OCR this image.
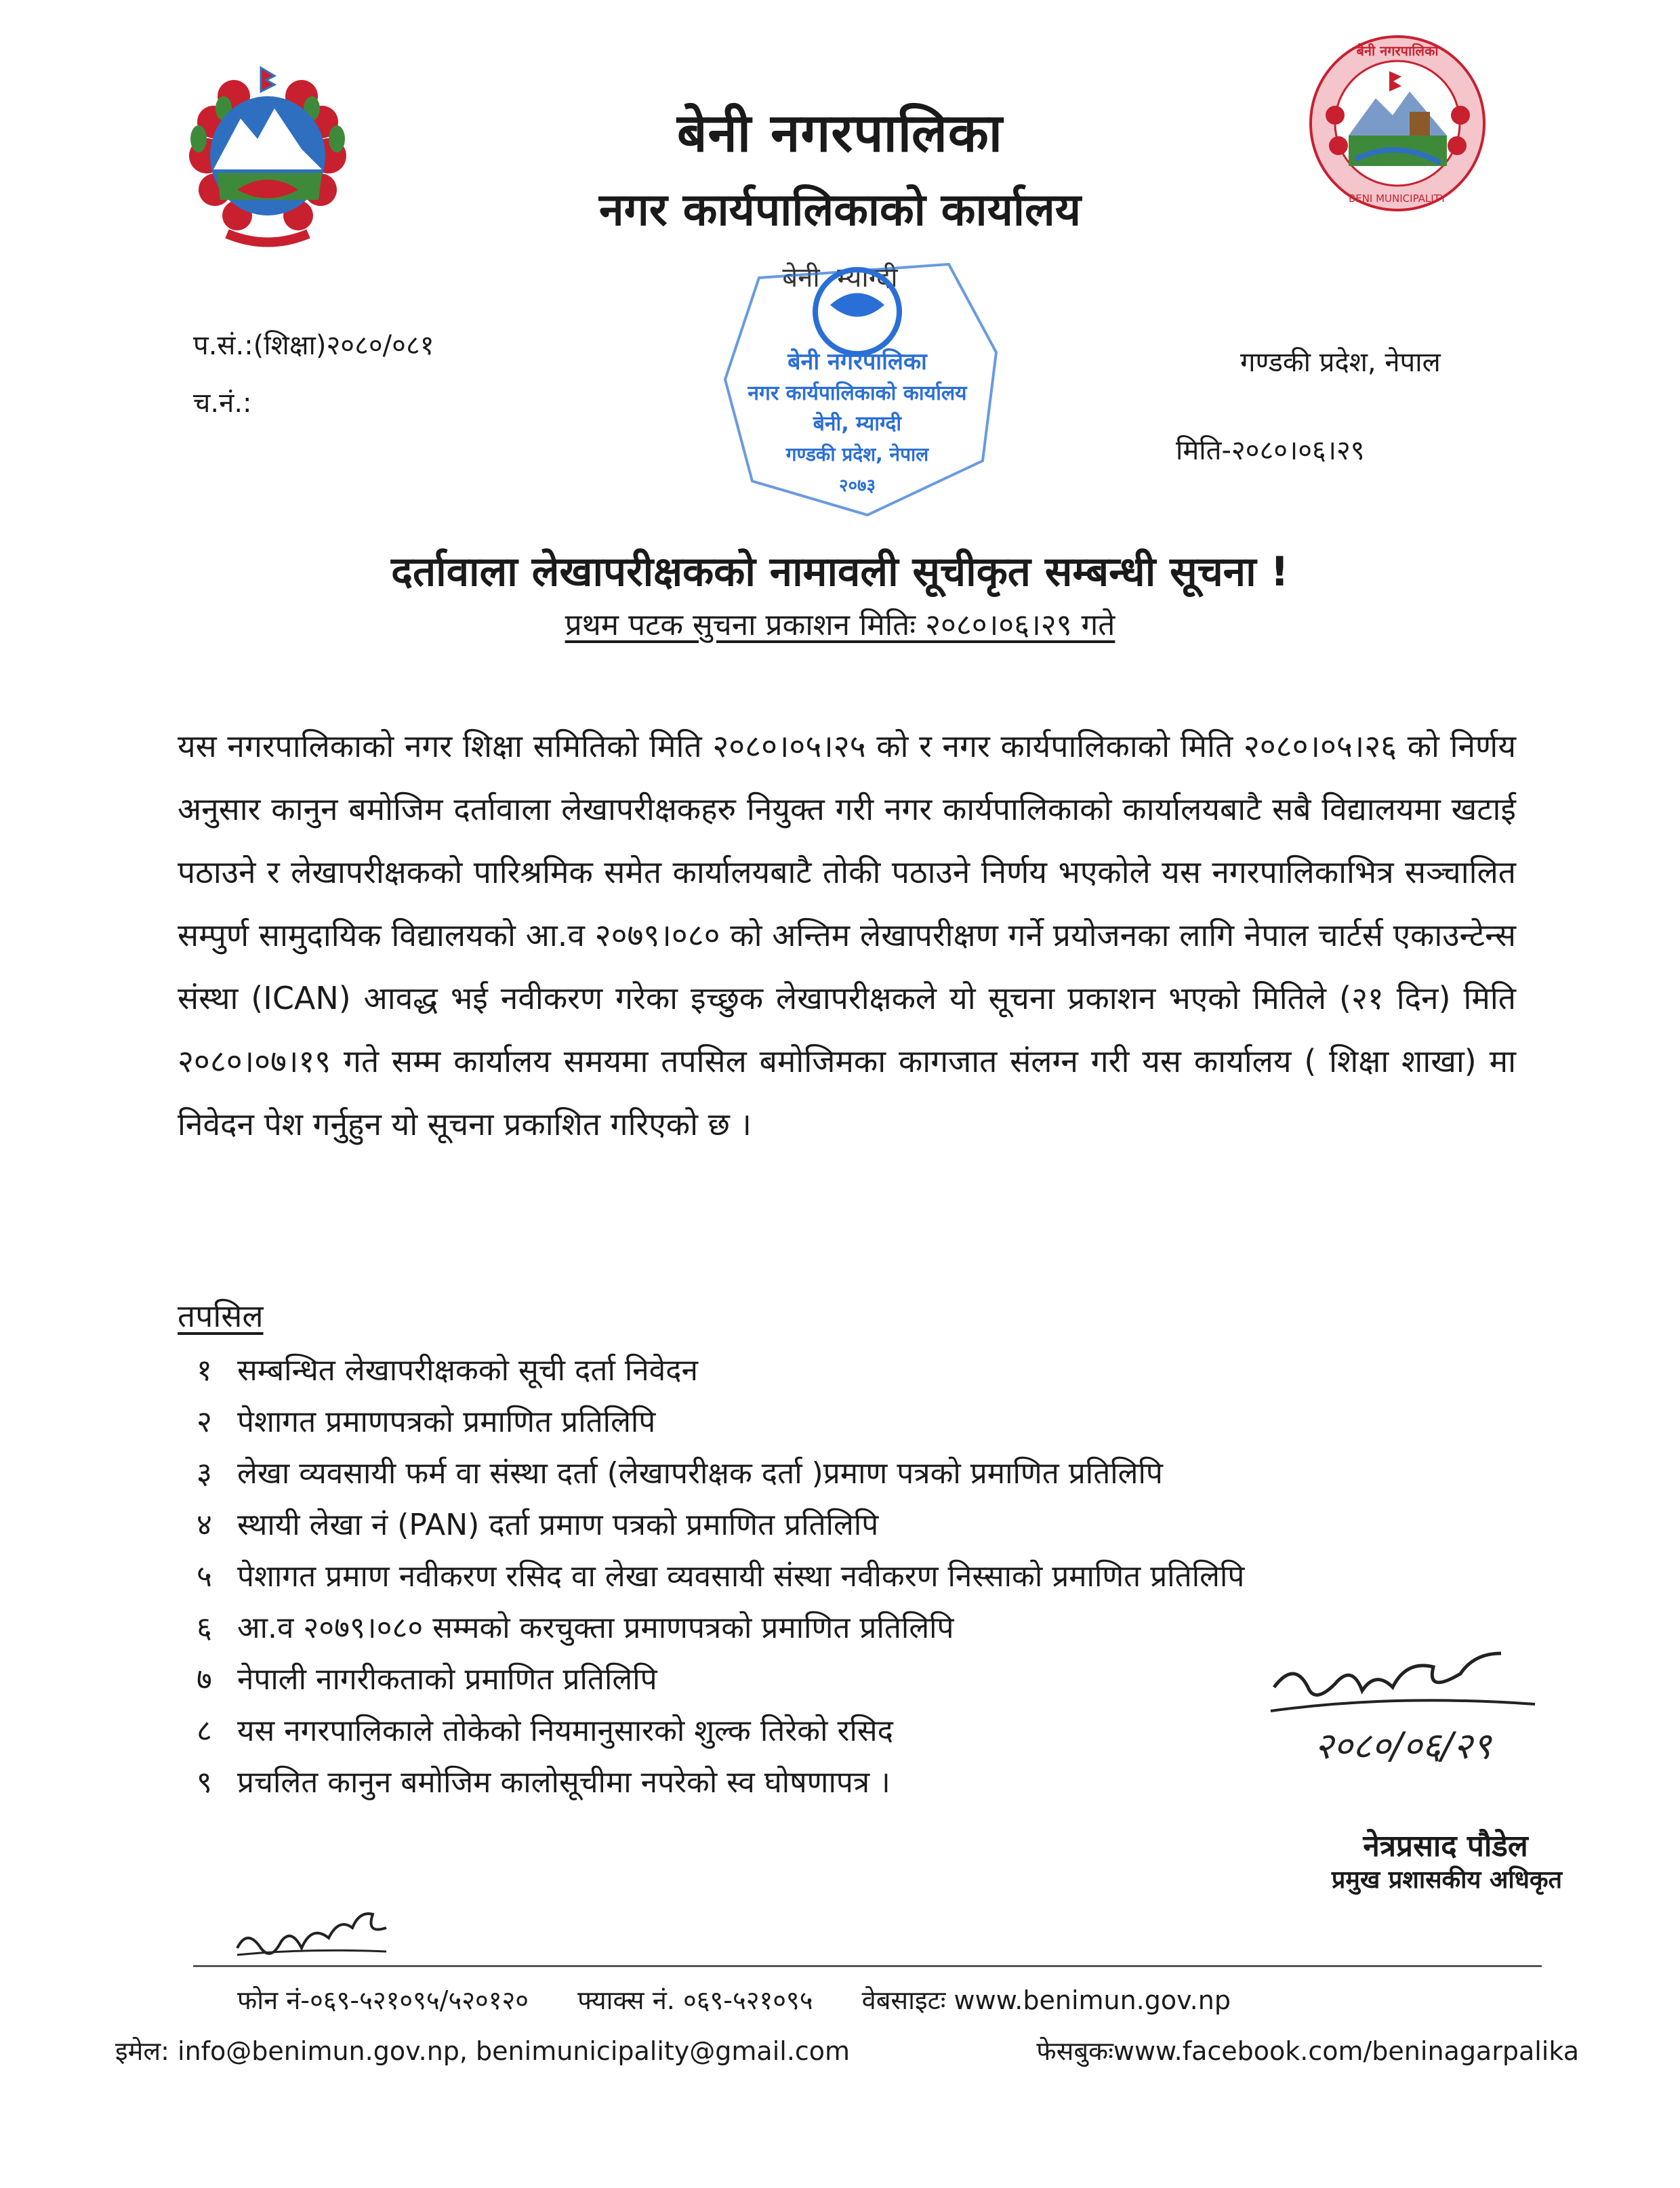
बेनी नगरपालिका
BENI MUNICIPALITY
बेनी नगरपालिका
नगर कार्यपालिकाको कार्यालय
बेनी, म्याग्दी
प.सं.:(शिक्षा)२०८०/०८१
च.नं.:
गण्डकी प्रदेश, नेपाल
मिति-२०८०।०६।२९
बेनी नगरपालिका
नगर कार्यपालिकाको कार्यालय
बेनी, म्याग्दी
गण्डकी प्रदेश, नेपाल
२०७३
दर्तावाला लेखापरीक्षकको नामावली सूचीकृत सम्बन्धी सूचना !
प्रथम पटक सुचना प्रकाशन मितिः २०८०।०६।२९ गते
यस नगरपालिकाको नगर शिक्षा समितिको मिति २०८०।०५।२५ को र नगर कार्यपालिकाको मिति २०८०।०५।२६ को निर्णय अनुसार कानुन बमोजिम दर्तावाला लेखापरीक्षकहरु नियुक्त गरी नगर कार्यपालिकाको कार्यालयबाटै सबै विद्यालयमा खटाई पठाउने र लेखापरीक्षकको पारिश्रमिक समेत कार्यालयबाटै तोकी पठाउने निर्णय भएकोले यस नगरपालिकाभित्र सञ्चालित सम्पुर्ण सामुदायिक विद्यालयको आ.व २०७९।०८० को अन्तिम लेखापरीक्षण गर्ने प्रयोजनका लागि नेपाल चार्टर्स एकाउन्टेन्स संस्था (ICAN) आवद्ध भई नवीकरण गरेका इच्छुक लेखापरीक्षकले यो सूचना प्रकाशन भएको मितिले (२१ दिन) मिति २०८०।०७।१९ गते सम्म कार्यालय समयमा तपसिल बमोजिमका कागजात संलग्न गरी यस कार्यालय ( शिक्षा शाखा) मा निवेदन पेश गर्नुहुन यो सूचना प्रकाशित गरिएको छ ।
तपसिल
१ सम्बन्धित लेखापरीक्षकको सूची दर्ता निवेदन
२ पेशागत प्रमाणपत्रको प्रमाणित प्रतिलिपि
३ लेखा व्यवसायी फर्म वा संस्था दर्ता (लेखापरीक्षक दर्ता )प्रमाण पत्रको प्रमाणित प्रतिलिपि
४ स्थायी लेखा नं (PAN) दर्ता प्रमाण पत्रको प्रमाणित प्रतिलिपि
५ पेशागत प्रमाण नवीकरण रसिद वा लेखा व्यवसायी संस्था नवीकरण निस्साको प्रमाणित प्रतिलिपि
६ आ.व २०७९।०८० सम्मको करचुक्ता प्रमाणपत्रको प्रमाणित प्रतिलिपि
७ नेपाली नागरीकताको प्रमाणित प्रतिलिपि
८ यस नगरपालिकाले तोकेको नियमानुसारको शुल्क तिरेको रसिद
९ प्रचलित कानुन बमोजिम कालोसूचीमा नपरेको स्व घोषणापत्र ।
२०८०/०६/२९
नेत्रप्रसाद पौडेल
प्रमुख प्रशासकीय अधिकृत
फोन नं-०६९-५२१०९५/५२०१२० फ्याक्स नं. ०६९-५२१०९५ वेबसाइटः www.benimun.gov.np
इमेल: info@benimun.gov.np, benimunicipality@gmail.com	फेसबुकःwww.facebook.com/beninagarpalika
